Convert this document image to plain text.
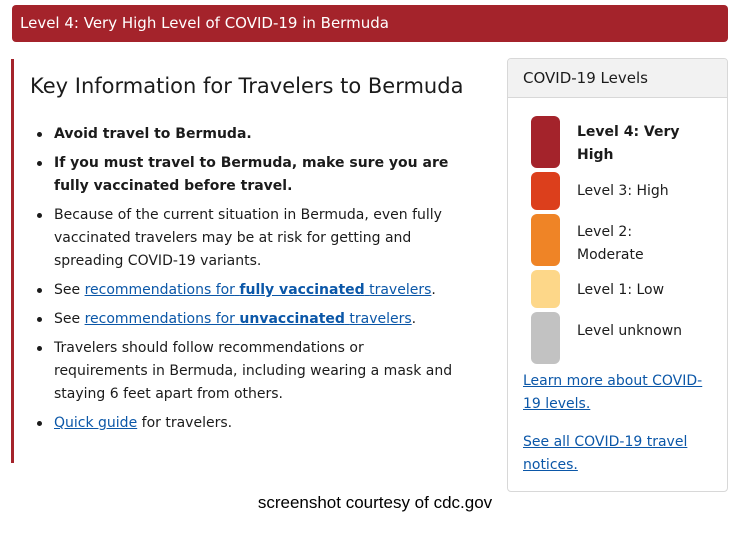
Level 4: Very High Level of COVID-19 in Bermuda
Key Information for Travelers to Bermuda
Avoid travel to Bermuda.
If you must travel to Bermuda, make sure you are fully vaccinated before travel.
Because of the current situation in Bermuda, even fully vaccinated travelers may be at risk for getting and spreading COVID-19 variants.
See recommendations for fully vaccinated travelers.
See recommendations for unvaccinated travelers.
Travelers should follow recommendations or requirements in Bermuda, including wearing a mask and staying 6 feet apart from others.
Quick guide for travelers.
COVID-19 Levels
Level 4: Very High
Level 3: High
Level 2: Moderate
Level 1: Low
Level unknown
Learn more about COVID-19 levels.
See all COVID-19 travel notices.
screenshot courtesy of cdc.gov
